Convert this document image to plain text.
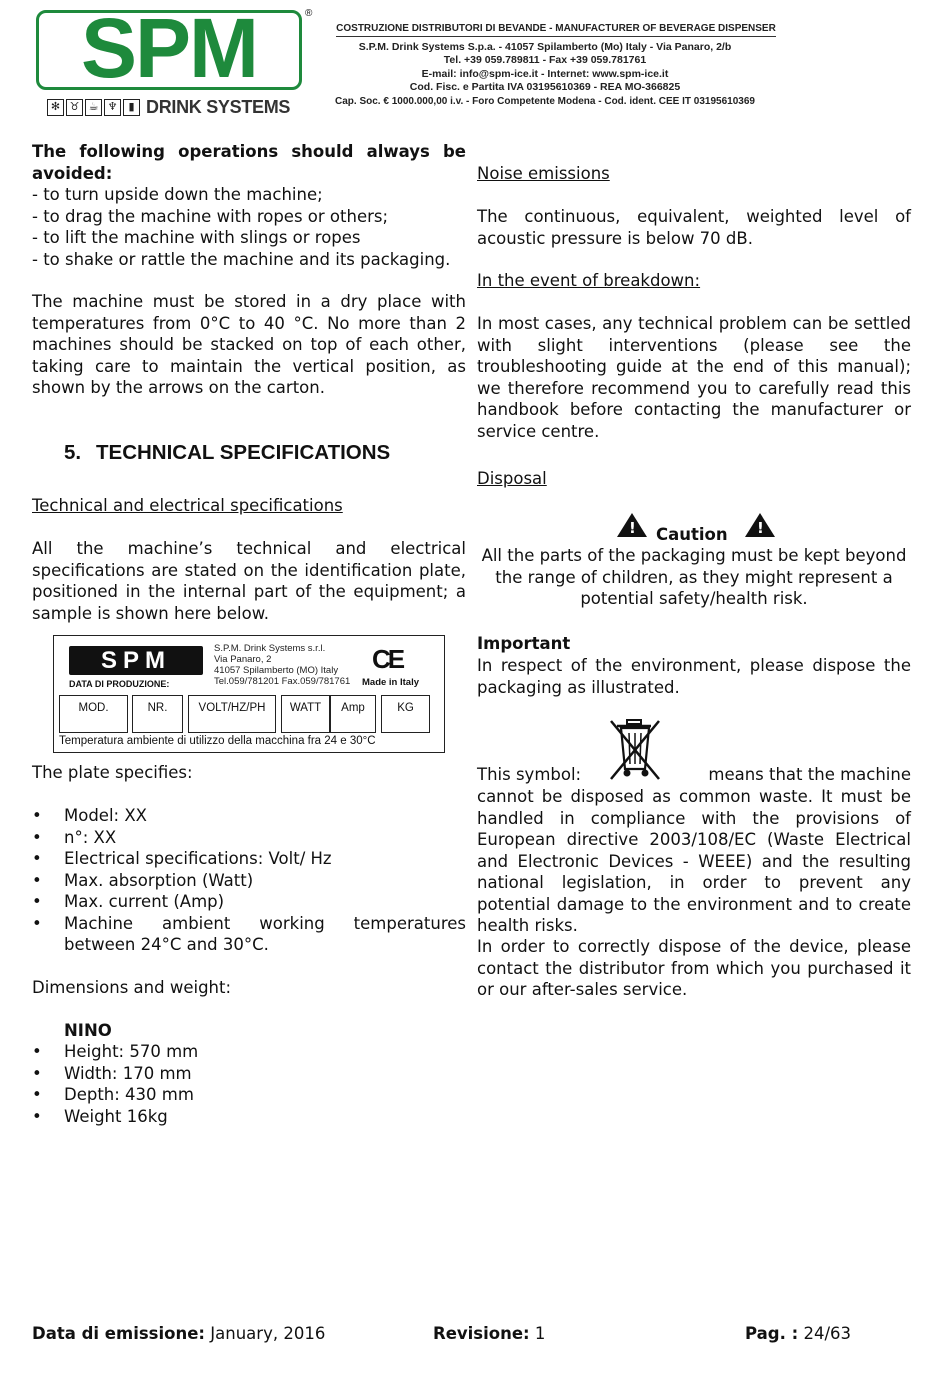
SPM	®
✻ ♉ ☕ ♆	▮ DRINK SYSTEMS
COSTRUZIONE DISTRIBUTORI DI BEVANDE - MANUFACTURER OF BEVERAGE DISPENSER
S.P.M. Drink Systems S.p.a. - 41057 Spilamberto (Mo) Italy - Via Panaro, 2/b
Tel. +39 059.789811 - Fax +39 059.781761
E-mail: info@spm-ice.it - Internet: www.spm-ice.it
Cod. Fisc. e Partita IVA 03195610369 - REA MO-366825
Cap. Soc. € 1000.000,00 i.v. - Foro Competente Modena - Cod. ident. CEE IT 03195610369
The following operations should always be avoided:
- to turn upside down the machine;
- to drag the machine with ropes or others;
- to lift the machine with slings or ropes
- to shake or rattle the machine and its packaging.
The machine must be stored in a dry place with temperatures from 0°C to 40 °C. No more than 2 machines should be stacked on top of each other, taking care to maintain the vertical position, as shown by the arrows on the carton.
5. TECHNICAL SPECIFICATIONS
Technical and electrical specifications
All the machine’s technical and electrical specifications are stated on the identification plate, positioned in the internal part of the equipment; a sample is shown here below.
SPM	S.P.M. Drink Systems s.r.l.
Via Panaro, 2
41057 Spilamberto (MO) Italy
Tel.059/781201 Fax.059/781761
CE
Made in Italy
DATA DI PRODUZIONE:
MOD.	NR.	VOLT/HZ/PH	WATT	Amp	KG
Temperatura ambiente di utilizzo della macchina fra 24 e 30°C
The plate specifies:
• Model: XX
• n°: XX
• Electrical specifications: Volt/ Hz
• Max. absorption (Watt)
• Max. current (Amp)
• Machine ambient working temperatures between 24°C and 30°C.
Dimensions and weight:
NINO
• Height: 570 mm
• Width: 170 mm
• Depth: 430 mm
• Weight 16kg
Noise emissions
The continuous, equivalent, weighted level of acoustic pressure is below 70 dB.
In the event of breakdown:
In most cases, any technical problem can be settled with slight interventions (please see the troubleshooting guide at the end of this manual); we therefore recommend you to carefully read this handbook before contacting the manufacturer or service centre.
Disposal
!
Caution
!
All the parts of the packaging must be kept beyond the range of children, as they might represent a potential safety/health risk.
Important
In respect of the environment, please dispose the packaging as illustrated.
This symbol:	means that the machine
cannot be disposed as common waste. It must be handled in compliance with the provisions of European directive 2003/108/EC (Waste Electrical and Electronic Devices - WEEE) and the resulting national legislation, in order to prevent any potential damage to the environment and to create health risks.
In order to correctly dispose of the device, please contact the distributor from which you purchased it or our after-sales service.
Data di emissione: January, 2016	Revisione: 1	Pag. : 24/63
